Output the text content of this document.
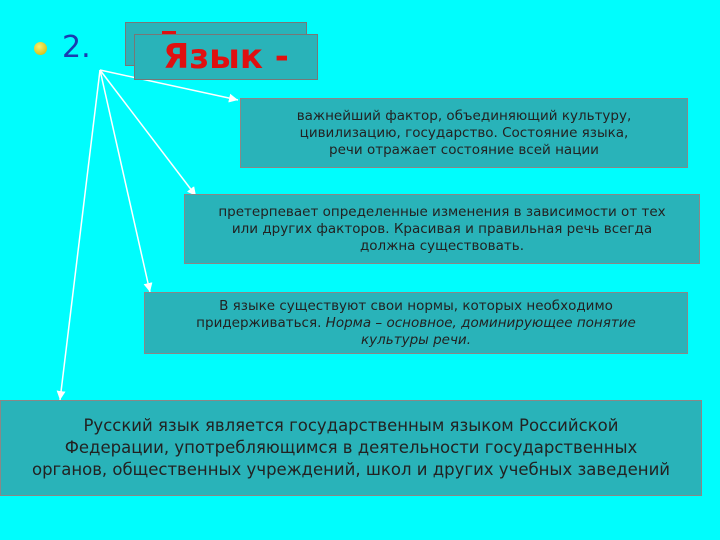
2. Язык -
важнейший фактор, объединяющий культуру,
цивилизацию, государство. Состояние языка,
речи отражает состояние всей нации
претерпевает определенные изменения в зависимости от тех
или других факторов. Красивая и правильная речь всегда
должна существовать.
В языке существуют свои нормы, которых необходимо
придерживаться. Норма – основное, доминирующее понятие
культуры речи.
Русский язык является государственным языком Российской
Федерации, употребляющимся в деятельности государственных
органов, общественных учреждений, школ и других учебных заведений
